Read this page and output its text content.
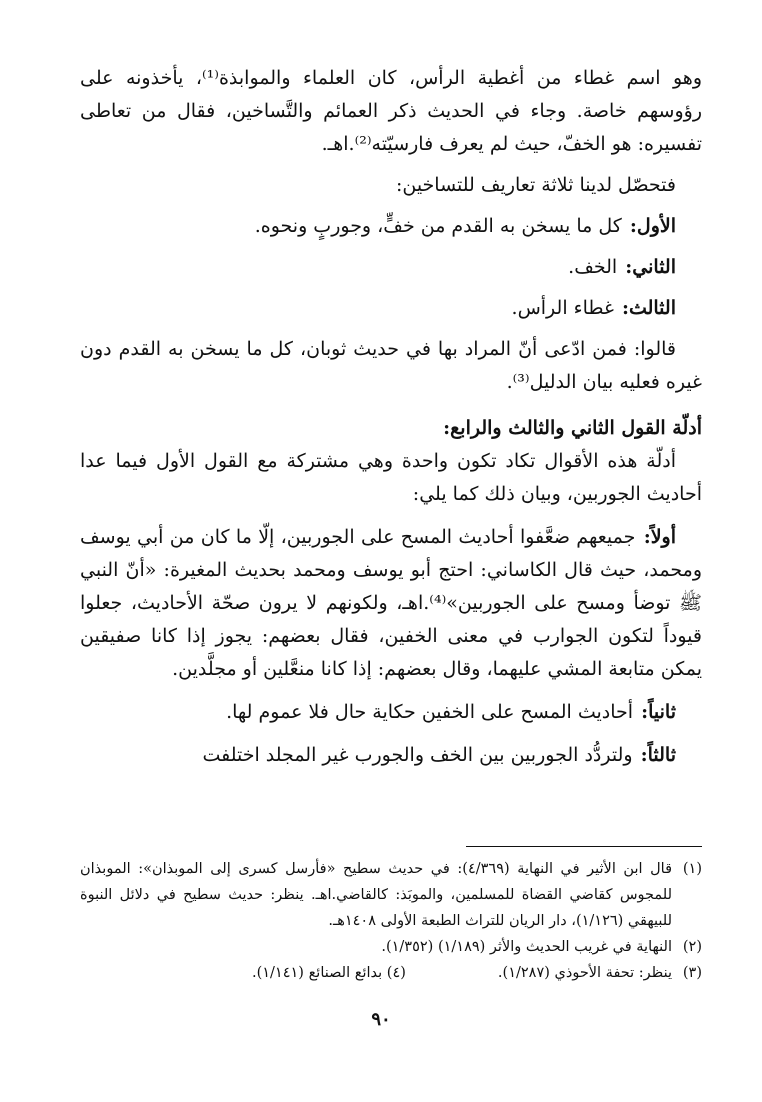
وهو اسم غطاء من أغطية الرأس، كان العلماء والموابذة⁽¹⁾، يأخذونه على رؤوسهم خاصة. وجاء في الحديث ذكر العمائم والتَّساخين، فقال من تعاطى تفسيره: هو الخفّ، حيث لم يعرف فارسيّته⁽²⁾.اهـ.

فتحصّل لدينا ثلاثة تعاريف للتساخين:

الأول: كل ما يسخن به القدم من خفٍّ، وجوربٍ ونحوه.

الثاني: الخف.

الثالث: غطاء الرأس.

قالوا: فمن ادّعى أنّ المراد بها في حديث ثوبان، كل ما يسخن به القدم دون غيره فعليه بيان الدليل⁽³⁾.

أدلّة القول الثاني والثالث والرابع:

أدلّة هذه الأقوال تكاد تكون واحدة وهي مشتركة مع القول الأول فيما عدا أحاديث الجوربين، وبيان ذلك كما يلي:

أولاً: جميعهم ضعَّفوا أحاديث المسح على الجوربين، إلّا ما كان من أبي يوسف ومحمد، حيث قال الكاساني: احتج أبو يوسف ومحمد بحديث المغيرة: «أنّ النبي ﷺ توضأ ومسح على الجوربين»⁽⁴⁾.اهـ، ولكونهم لا يرون صحّة الأحاديث، جعلوا قيوداً لتكون الجوارب في معنى الخفين، فقال بعضهم: يجوز إذا كانا صفيقين يمكن متابعة المشي عليهما، وقال بعضهم: إذا كانا منعَّلين أو مجلَّدين.

ثانياً: أحاديث المسح على الخفين حكاية حال فلا عموم لها.

ثالثاً: ولتردُّد الجوربين بين الخف والجورب غير المجلد اختلفت

(١)
قال ابن الأثير في النهاية (٤/٣٦٩): في حديث سطيح «فأرسل كسرى إلى الموبذان»: الموبذان للمجوس كقاضي القضاة للمسلمين، والموبَذ: كالقاضي.اهـ. ينظر: حديث سطيح في دلائل النبوة للبيهقي (١/١٢٦)، دار الريان للتراث الطبعة الأولى ١٤٠٨هـ.

(٢)
النهاية في غريب الحديث والأثر (١/١٨٩) (١/٣٥٢).

(٣)
ينظر: تحفة الأحوذي (١/٢٨٧).(٤) بدائع الصنائع (١/١٤١).

٩٠
